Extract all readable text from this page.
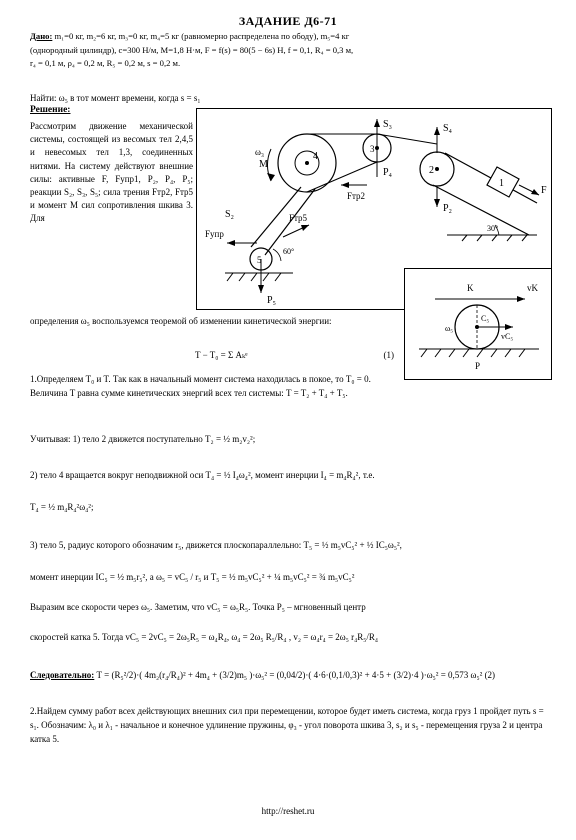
ЗАДАНИЕ Д6-71
Дано: m₁=0 кг, m₂=6 кг, m₃=0 кг, m₄=5 кг (равномерно распределена по ободу), m₅=4 кг
(однородный цилиндр), c=300 Н/м, M=1,8 Н·м, F = f(s) = 80(5 − 6s) Н, f = 0,1, R₄ = 0,3 м,
r₄ = 0,1 м, ρ₄ = 0,2 м, R₅ = 0,2 м, s = 0,2 м.
Найти: ω₅ в тот момент времени, когда s = s₁
Решение:
Рассмотрим движение механической системы, состоящей из весомых тел 2,4,5 и невесомых тел 1,3, соединенных нитями. На систему действуют внешние силы: активные F, Fупр1, P₂, P₄, P₅; реакции S₂, S₃, S₅; сила трения Fтр2, Fтр5 и момент M сил сопротивления шкива 3. Для
S₃	S₄
P₄
P₂
4
3
2
1
5
F
M
ω₃
Fтр2
Fтр5
Fупр
P₅
60°
30°
S₂
K	vK
C₅
vC₅
P
ω₅
определения ω₅ воспользуемся теоремой об изменении кинетической энергии:
T − T₀ = Σ Aₖᵉ	(1)
1.Определяем T₀ и T. Так как в начальный момент система находилась в покое, то T₀ = 0. Величина T равна сумме кинетических энергий всех тел системы: T = T₂ + T₄ + T₅.
Учитывая: 1) тело 2 движется поступательно T₂ = ½ m₂v₂²;
2) тело 4 вращается вокруг неподвижной оси T₄ = ½ I₄ω₄², момент инерции I₄ = m₄R₄², т.е.
T₄ = ½ m₄R₄²ω₄²;
3) тело 5, радиус которого обозначим r₅, движется плоскопараллельно: T₅ = ½ m₅vC₅² + ½ IC₅ω₅²,
момент инерции IC₅ = ½ m₅r₅², a ω₅ = vC₅ / r₅ и T₅ = ½ m₅vC₅² + ¼ m₅vC₅² = ¾ m₅vC₅²
Выразим все скорости через ω₅. Заметим, что vC₅ = ω₅R₅. Точка P₅ – мгновенный центр
скоростей катка 5. Тогда vC₅ = 2vC₅ = 2ω₅R₅ = ω₄R₄, ω₄ = 2ω₅ R₅/R₄ , v₂ = ω₄r₄ = 2ω₅ r₄R₅/R₄
Следовательно: T = (R₅²/2)·( 4m₂(r₄/R₄)² + 4m₄ + (3/2)m₅ )·ω₅² = (0,04/2)·( 4·6·(0,1/0,3)² + 4·5 + (3/2)·4 )·ω₅² = 0,573 ω₅² (2)
2.Найдем сумму работ всех действующих внешних сил при перемещении, которое будет иметь система, когда груз 1 пройдет путь s = s₁. Обозначим: λ₀ и λ₁ - начальное и конечное удлинение пружины, φ₃ - угол поворота шкива 3, s₂ и s₅ - перемещения груза 2 и центра катка 5.
http://reshet.ru
